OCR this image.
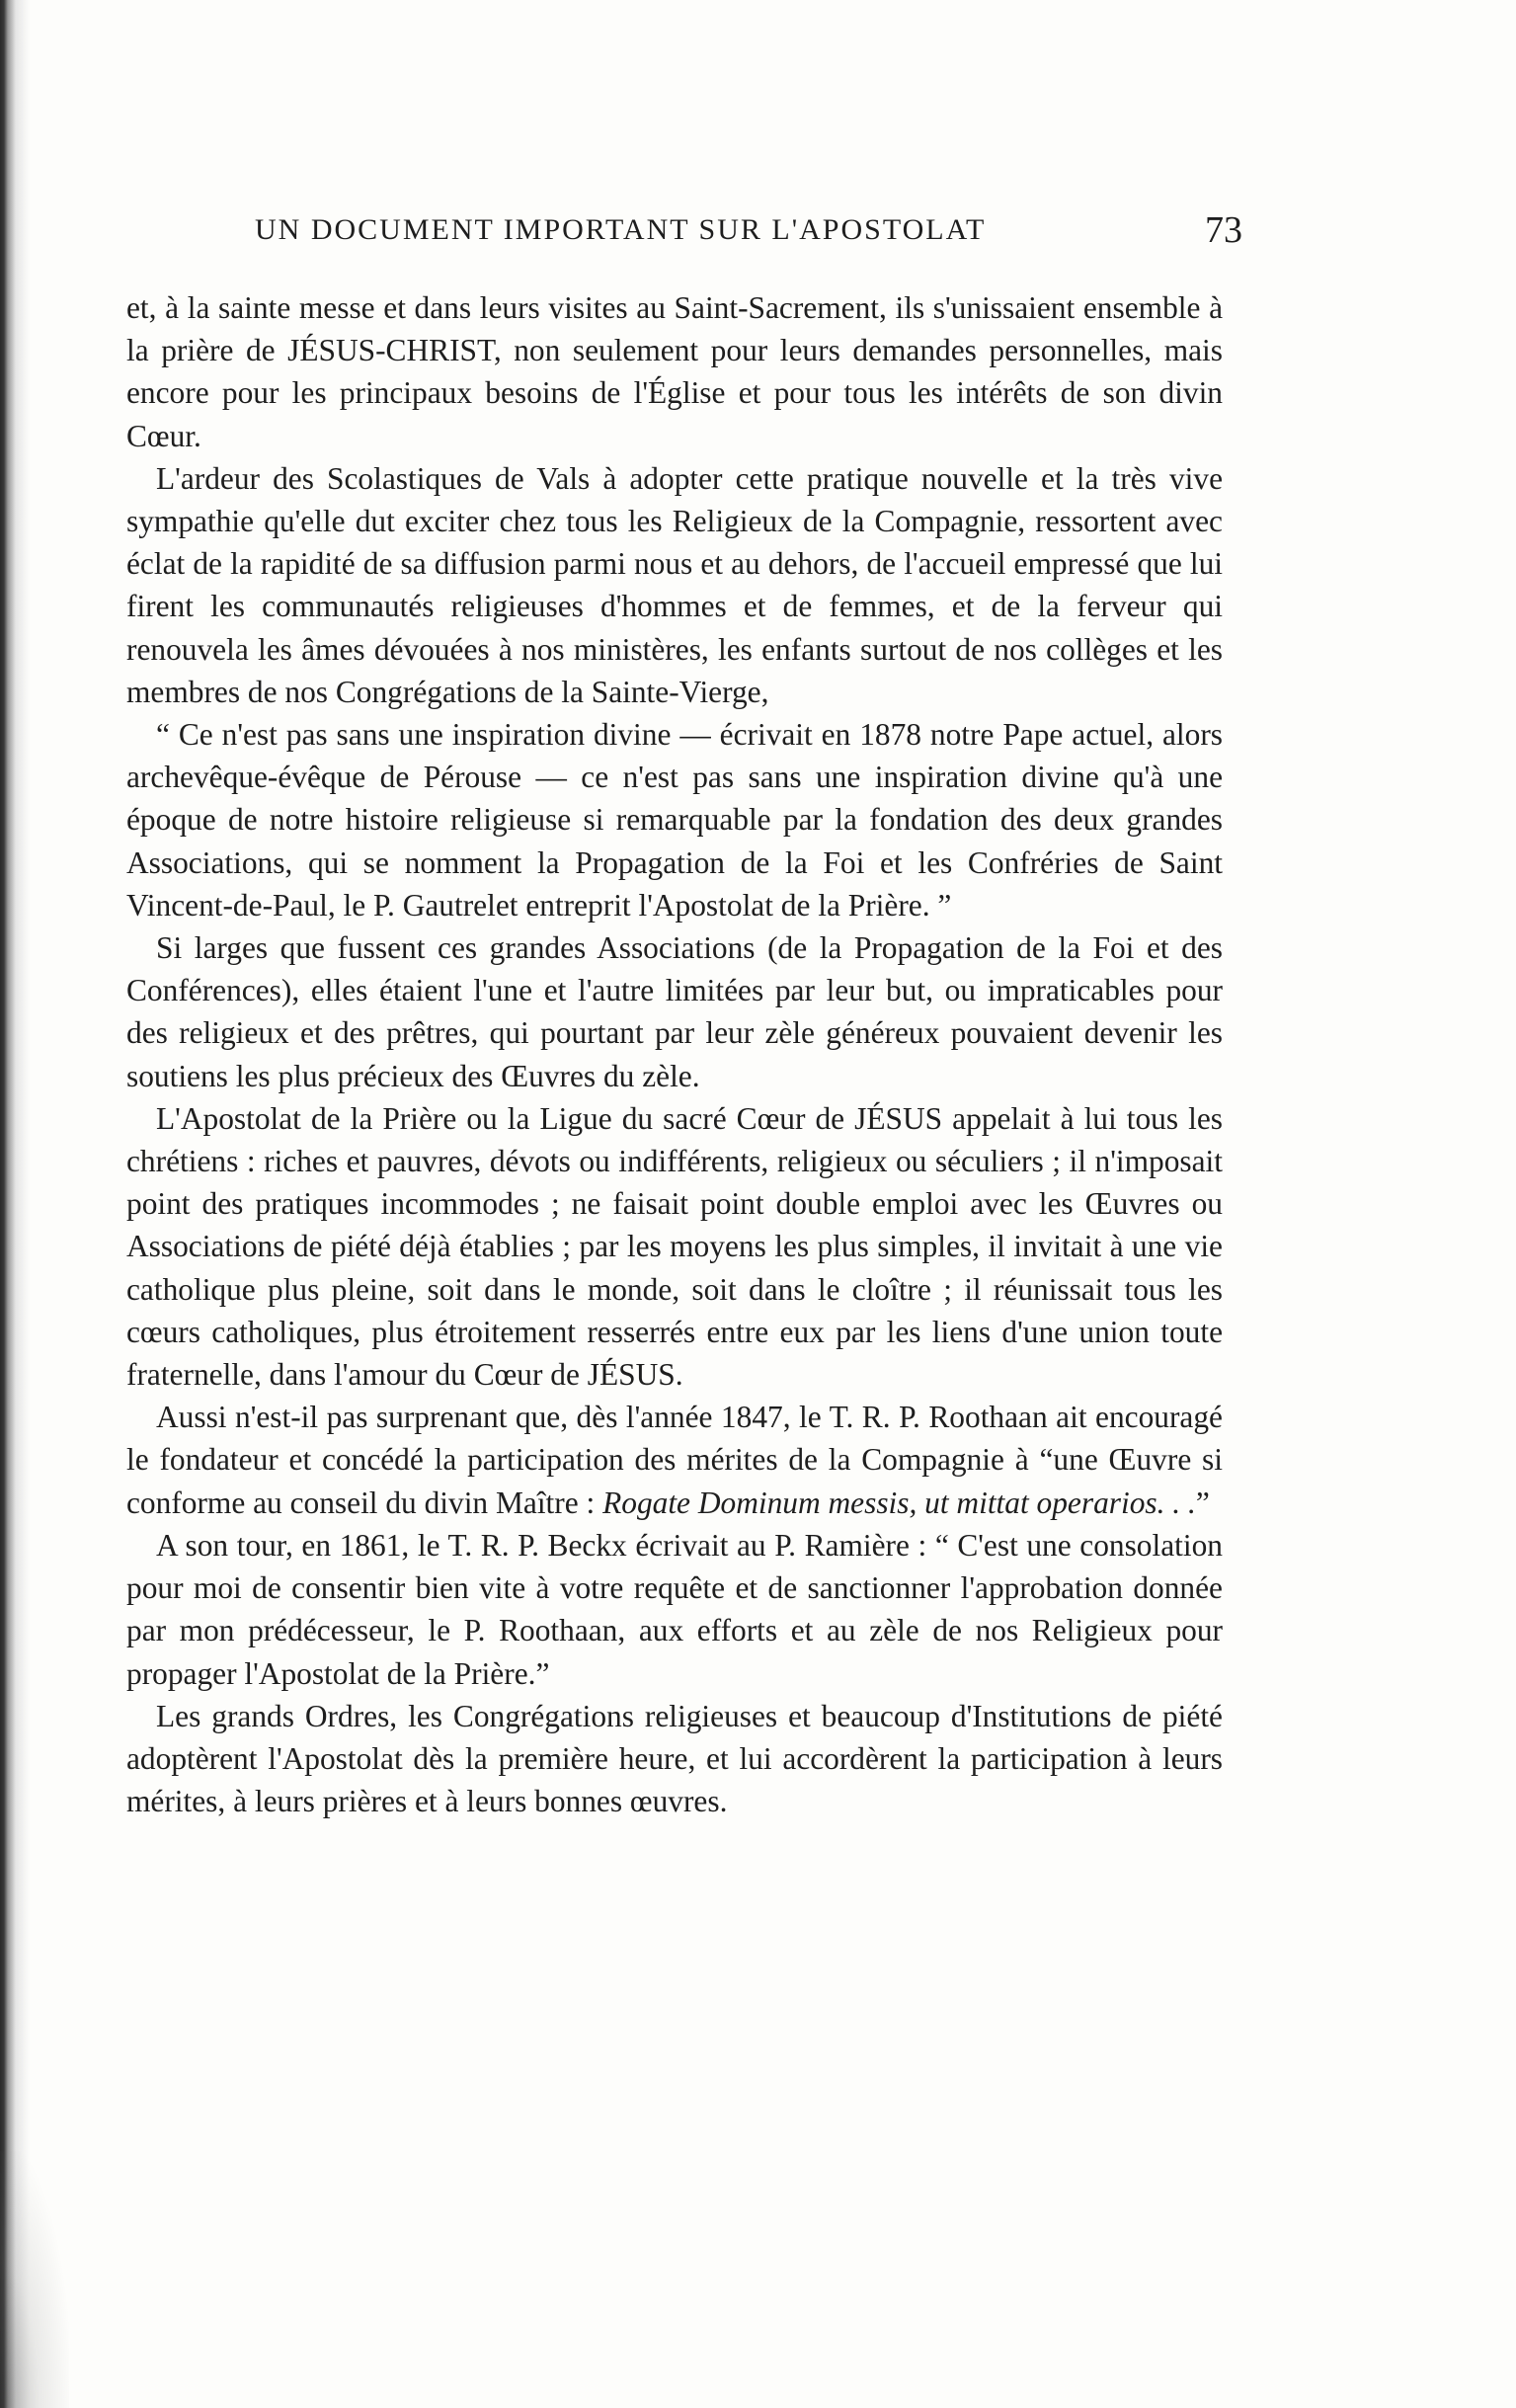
UN DOCUMENT IMPORTANT SUR L'APOSTOLAT	73

et, à la sainte messe et dans leurs visites au Saint-Sacrement, ils s'unissaient ensemble à la prière de JÉSUS-CHRIST, non seulement pour leurs demandes personnelles, mais encore pour les principaux besoins de l'Église et pour tous les intérêts de son divin Cœur.

L'ardeur des Scolastiques de Vals à adopter cette pratique nouvelle et la très vive sympathie qu'elle dut exciter chez tous les Religieux de la Compagnie, ressortent avec éclat de la rapidité de sa diffusion parmi nous et au dehors, de l'accueil empressé que lui firent les communautés religieuses d'hommes et de femmes, et de la ferveur qui renouvela les âmes dévouées à nos ministères, les enfants surtout de nos collèges et les membres de nos Congrégations de la Sainte-Vierge,

“ Ce n'est pas sans une inspiration divine — écrivait en 1878 notre Pape actuel, alors archevêque-évêque de Pérouse — ce n'est pas sans une inspiration divine qu'à une époque de notre histoire religieuse si remarquable par la fondation des deux grandes Associations, qui se nomment la Propagation de la Foi et les Confréries de Saint Vincent-de-Paul, le P. Gautrelet entreprit l'Apostolat de la Prière. ”

Si larges que fussent ces grandes Associations (de la Propagation de la Foi et des Conférences), elles étaient l'une et l'autre limitées par leur but, ou impraticables pour des religieux et des prêtres, qui pourtant par leur zèle généreux pouvaient devenir les soutiens les plus précieux des Œuvres du zèle.

L'Apostolat de la Prière ou la Ligue du sacré Cœur de JÉSUS appelait à lui tous les chrétiens : riches et pauvres, dévots ou indifférents, religieux ou séculiers ; il n'imposait point des pratiques incommodes ; ne faisait point double emploi avec les Œuvres ou Associations de piété déjà établies ; par les moyens les plus simples, il invitait à une vie catholique plus pleine, soit dans le monde, soit dans le cloître ; il réunissait tous les cœurs catholiques, plus étroitement resserrés entre eux par les liens d'une union toute fraternelle, dans l'amour du Cœur de JÉSUS.

Aussi n'est-il pas surprenant que, dès l'année 1847, le T. R. P. Roothaan ait encouragé le fondateur et concédé la participation des mérites de la Compagnie à “une Œuvre si conforme au conseil du divin Maître : Rogate Dominum messis, ut mittat operarios. . .”

A son tour, en 1861, le T. R. P. Beckx écrivait au P. Ramière : “ C'est une consolation pour moi de consentir bien vite à votre requête et de sanctionner l'approbation donnée par mon prédécesseur, le P. Roothaan, aux efforts et au zèle de nos Religieux pour propager l'Apostolat de la Prière.”

Les grands Ordres, les Congrégations religieuses et beaucoup d'Institutions de piété adoptèrent l'Apostolat dès la première heure, et lui accordèrent la participation à leurs mérites, à leurs prières et à leurs bonnes œuvres.
